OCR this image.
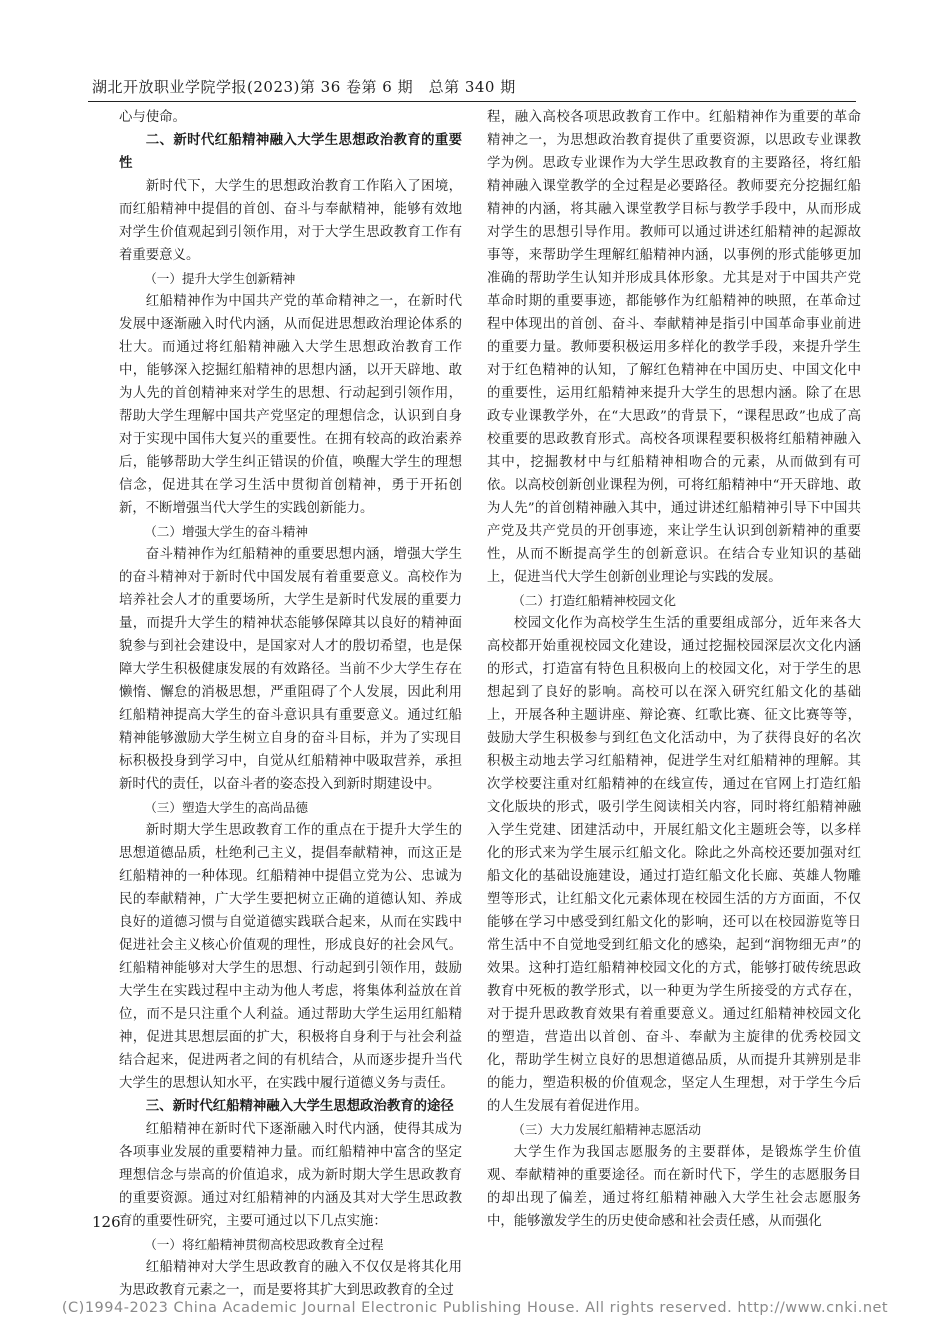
湖北开放职业学院学报(2023)第 36 卷第 6 期　总第 340 期

心与使命。

二、新时代红船精神融入大学生思想政治教育的重要性

新时代下，大学生的思想政治教育工作陷入了困境，而红船精神中提倡的首创、奋斗与奉献精神，能够有效地对学生价值观起到引领作用，对于大学生思政教育工作有着重要意义。

（一）提升大学生创新精神

红船精神作为中国共产党的革命精神之一，在新时代发展中逐渐融入时代内涵，从而促进思想政治理论体系的壮大。而通过将红船精神融入大学生思想政治教育工作中，能够深入挖掘红船精神的思想内涵，以开天辟地、敢为人先的首创精神来对学生的思想、行动起到引领作用，帮助大学生理解中国共产党坚定的理想信念，认识到自身对于实现中国伟大复兴的重要性。在拥有较高的政治素养后，能够帮助大学生纠正错误的价值，唤醒大学生的理想信念，促进其在学习生活中贯彻首创精神，勇于开拓创新，不断增强当代大学生的实践创新能力。

（二）增强大学生的奋斗精神

奋斗精神作为红船精神的重要思想内涵，增强大学生的奋斗精神对于新时代中国发展有着重要意义。高校作为培养社会人才的重要场所，大学生是新时代发展的重要力量，而提升大学生的精神状态能够保障其以良好的精神面貌参与到社会建设中，是国家对人才的殷切希望，也是保障大学生积极健康发展的有效路径。当前不少大学生存在懒惰、懈怠的消极思想，严重阻碍了个人发展，因此利用红船精神提高大学生的奋斗意识具有重要意义。通过红船精神能够激励大学生树立自身的奋斗目标，并为了实现目标积极投身到学习中，自觉从红船精神中吸取营养，承担新时代的责任，以奋斗者的姿态投入到新时期建设中。

（三）塑造大学生的高尚品德

新时期大学生思政教育工作的重点在于提升大学生的思想道德品质，杜绝利己主义，提倡奉献精神，而这正是红船精神的一种体现。红船精神中提倡立党为公、忠诚为民的奉献精神，广大学生要把树立正确的道德认知、养成良好的道德习惯与自觉道德实践联合起来，从而在实践中促进社会主义核心价值观的理性，形成良好的社会风气。红船精神能够对大学生的思想、行动起到引领作用，鼓励大学生在实践过程中主动为他人考虑，将集体利益放在首位，而不是只注重个人利益。通过帮助大学生运用红船精神，促进其思想层面的扩大，积极将自身利于与社会利益结合起来，促进两者之间的有机结合，从而逐步提升当代大学生的思想认知水平，在实践中履行道德义务与责任。

三、新时代红船精神融入大学生思想政治教育的途径

红船精神在新时代下逐渐融入时代内涵，使得其成为各项事业发展的重要精神力量。而红船精神中富含的坚定理想信念与崇高的价值追求，成为新时期大学生思政教育的重要资源。通过对红船精神的内涵及其对大学生思政教育的重要性研究，主要可通过以下几点实施：

（一）将红船精神贯彻高校思政教育全过程

红船精神对大学生思政教育的融入不仅仅是将其化用为思政教育元素之一，而是要将其扩大到思政教育的全过

程，融入高校各项思政教育工作中。红船精神作为重要的革命精神之一，为思想政治教育提供了重要资源，以思政专业课教学为例。思政专业课作为大学生思政教育的主要路径，将红船精神融入课堂教学的全过程是必要路径。教师要充分挖掘红船精神的内涵，将其融入课堂教学目标与教学手段中，从而形成对学生的思想引导作用。教师可以通过讲述红船精神的起源故事等，来帮助学生理解红船精神内涵，以事例的形式能够更加准确的帮助学生认知并形成具体形象。尤其是对于中国共产党革命时期的重要事迹，都能够作为红船精神的映照，在革命过程中体现出的首创、奋斗、奉献精神是指引中国革命事业前进的重要力量。教师要积极运用多样化的教学手段，来提升学生对于红色精神的认知，了解红色精神在中国历史、中国文化中的重要性，运用红船精神来提升大学生的思想内涵。除了在思政专业课教学外，在“大思政”的背景下，“课程思政”也成了高校重要的思政教育形式。高校各项课程要积极将红船精神融入其中，挖掘教材中与红船精神相吻合的元素，从而做到有可依。以高校创新创业课程为例，可将红船精神中“开天辟地、敢为人先”的首创精神融入其中，通过讲述红船精神引导下中国共产党及共产党员的开创事迹，来让学生认识到创新精神的重要性，从而不断提高学生的创新意识。在结合专业知识的基础上，促进当代大学生创新创业理论与实践的发展。

（二）打造红船精神校园文化

校园文化作为高校学生生活的重要组成部分，近年来各大高校都开始重视校园文化建设，通过挖掘校园深层次文化内涵的形式，打造富有特色且积极向上的校园文化，对于学生的思想起到了良好的影响。高校可以在深入研究红船文化的基础上，开展各种主题讲座、辩论赛、红歌比赛、征文比赛等等，鼓励大学生积极参与到红色文化活动中，为了获得良好的名次积极主动地去学习红船精神，促进学生对红船精神的理解。其次学校要注重对红船精神的在线宣传，通过在官网上打造红船文化版块的形式，吸引学生阅读相关内容，同时将红船精神融入学生党建、团建活动中，开展红船文化主题班会等，以多样化的形式来为学生展示红船文化。除此之外高校还要加强对红船文化的基础设施建设，通过打造红船文化长廊、英雄人物雕塑等形式，让红船文化元素体现在校园生活的方方面面，不仅能够在学习中感受到红船文化的影响，还可以在校园游览等日常生活中不自觉地受到红船文化的感染，起到“润物细无声”的效果。这种打造红船精神校园文化的方式，能够打破传统思政教育中死板的教学形式，以一种更为学生所接受的方式存在，对于提升思政教育效果有着重要意义。通过红船精神校园文化的塑造，营造出以首创、奋斗、奉献为主旋律的优秀校园文化，帮助学生树立良好的思想道德品质，从而提升其辨别是非的能力，塑造积极的价值观念，坚定人生理想，对于学生今后的人生发展有着促进作用。

（三）大力发展红船精神志愿活动

大学生作为我国志愿服务的主要群体，是锻炼学生价值观、奉献精神的重要途径。而在新时代下，学生的志愿服务目的却出现了偏差，通过将红船精神融入大学生社会志愿服务中，能够激发学生的历史使命感和社会责任感，从而强化

126
(C)1994-2023 China Academic Journal Electronic Publishing House. All rights reserved. http://www.cnki.net
